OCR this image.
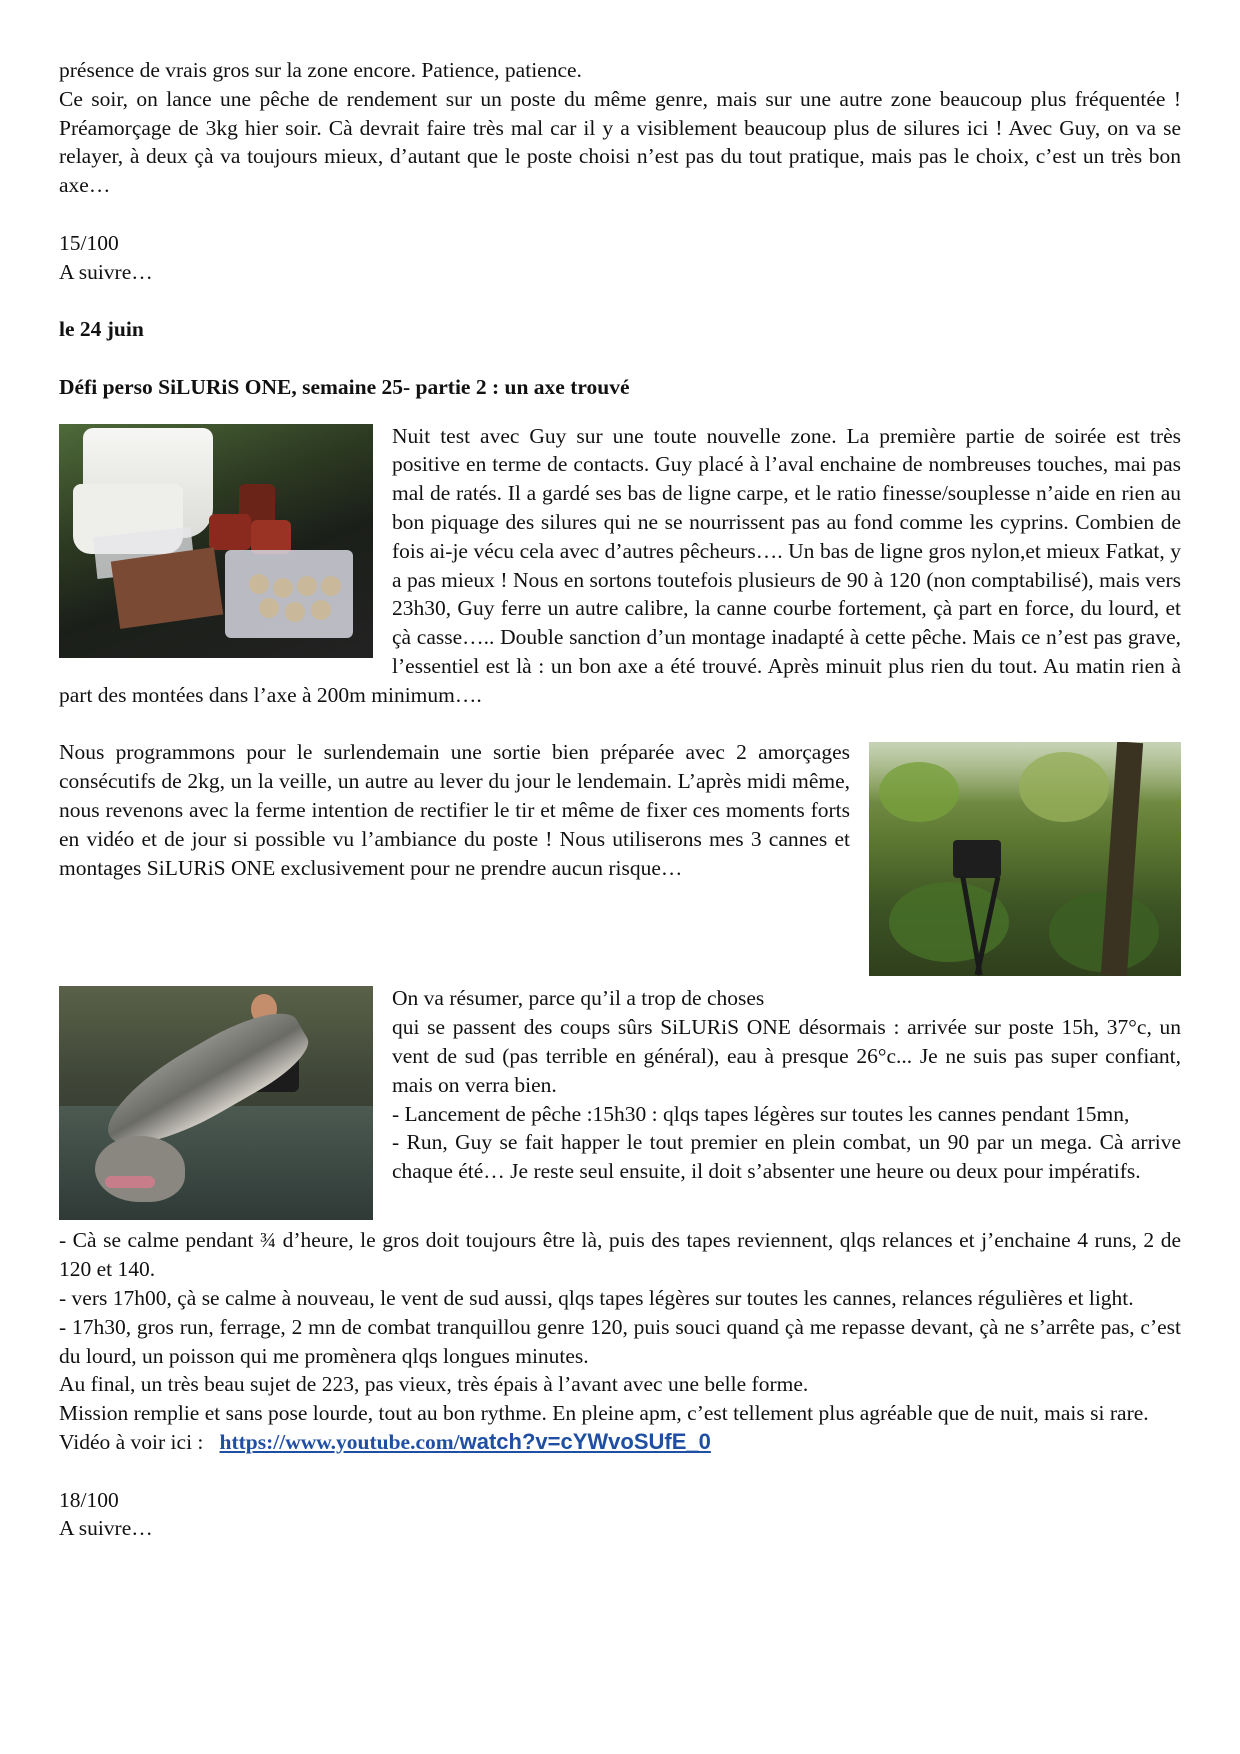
présence de vrais gros sur la zone encore. Patience, patience.

Ce soir, on lance une pêche de rendement sur un poste du même genre, mais sur une autre zone beaucoup plus fréquentée ! Préamorçage de 3kg hier soir. Cà devrait faire très mal car il y a visiblement beaucoup plus de silures ici ! Avec Guy, on va se relayer, à deux çà va toujours mieux, d’autant que le poste choisi n’est pas du tout pratique, mais pas le choix, c’est un très bon axe…

15/100

A suivre…

le 24 juin

Défi perso SiLURiS ONE, semaine 25- partie 2 : un axe trouvé

Nuit test avec Guy sur une toute nouvelle zone. La première partie de soirée est très positive en terme de contacts. Guy placé à l’aval enchaine de nombreuses touches, mai pas mal de ratés. Il a gardé ses bas de ligne carpe, et le ratio finesse/souplesse n’aide en rien au bon piquage des silures qui ne se nourrissent pas au fond comme les cyprins. Combien de fois ai-je vécu cela avec d’autres pêcheurs…. Un bas de ligne gros nylon,et mieux Fatkat, y a pas mieux ! Nous en sortons toutefois plusieurs de 90 à 120 (non comptabilisé), mais vers 23h30, Guy ferre un autre calibre, la canne courbe fortement, çà part en force, du lourd, et çà casse….. Double sanction d’un montage inadapté à cette pêche. Mais ce n’est pas grave, l’essentiel est là : un bon axe a été trouvé. Après minuit plus rien du tout. Au matin rien à part des montées dans l’axe à 200m minimum….

Nous programmons pour le surlendemain une sortie bien préparée avec 2 amorçages consécutifs de 2kg, un la veille, un autre au lever du jour le lendemain. L’après midi même, nous revenons avec la ferme intention de rectifier le tir et même de fixer ces moments forts en vidéo et de jour si possible vu l’ambiance du poste ! Nous utiliserons mes 3 cannes et montages SiLURiS ONE exclusivement pour ne prendre aucun risque…

On va résumer, parce qu’il a trop de choses

qui se passent des coups sûrs SiLURiS ONE désormais : arrivée sur poste 15h, 37°c, un vent de sud (pas terrible en général), eau à presque 26°c... Je ne suis pas super confiant, mais on verra bien.

- Lancement de pêche :15h30 : qlqs tapes légères sur toutes les cannes pendant 15mn,

- Run, Guy se fait happer le tout premier en plein combat, un 90 par un mega. Cà arrive chaque été… Je reste seul ensuite, il doit s’absenter une heure ou deux pour impératifs.

- Cà se calme pendant ¾ d’heure, le gros doit toujours être là, puis des tapes reviennent, qlqs relances et j’enchaine 4 runs, 2 de 120 et 140.

- vers 17h00, çà se calme à nouveau, le vent de sud aussi, qlqs tapes légères sur toutes les cannes, relances régulières et light.

- 17h30, gros run, ferrage, 2 mn de combat tranquillou genre 120, puis souci quand çà me repasse devant, çà ne s’arrête pas, c’est du lourd, un poisson qui me promènera qlqs longues minutes.

Au final, un très beau sujet de 223, pas vieux, très épais à l’avant avec une belle forme.

Mission remplie et sans pose lourde, tout au bon rythme. En pleine apm, c’est tellement plus agréable que de nuit, mais si rare.

Vidéo à voir ici : https://www.youtube.com/watch?v=cYWvoSUfE_0

18/100

A suivre…
